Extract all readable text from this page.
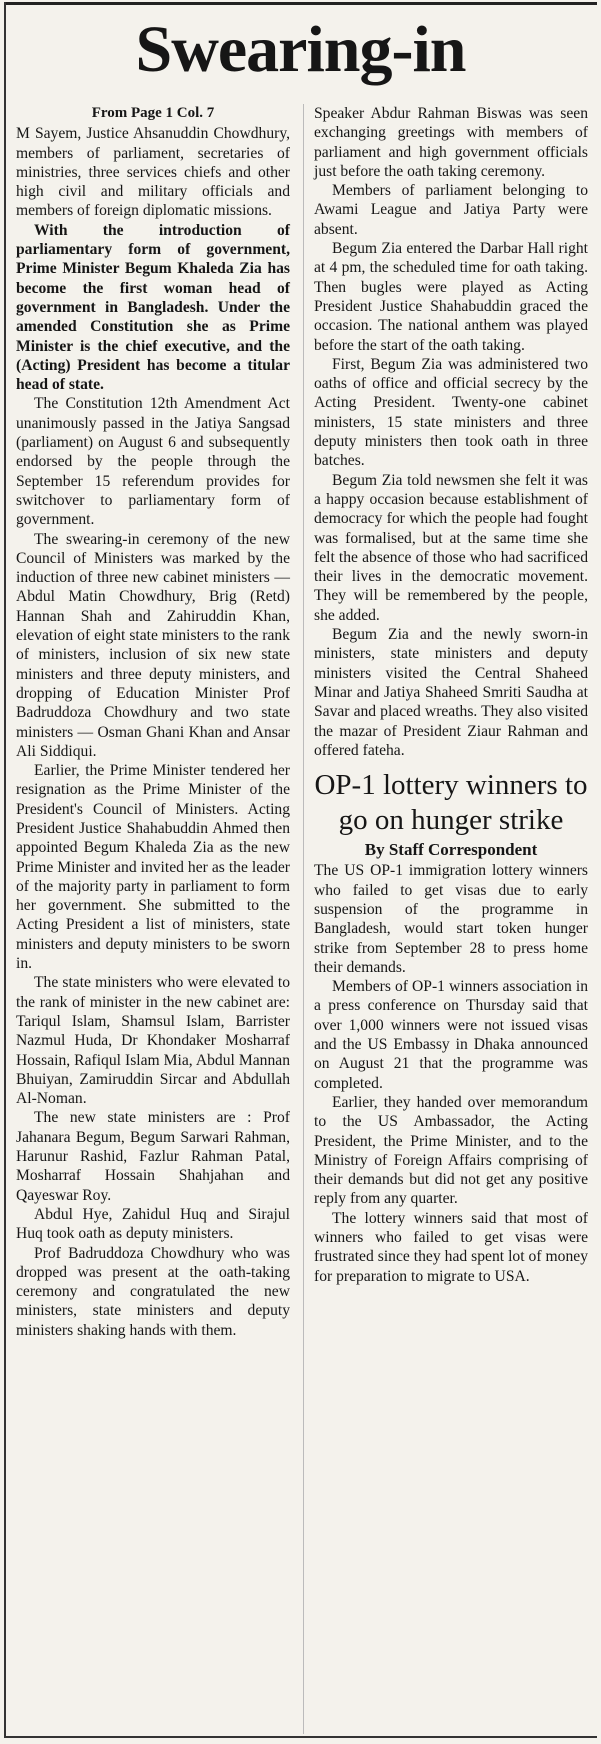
Swearing-in
From Page 1 Col. 7

M Sayem, Justice Ahsanuddin Chowdhury, members of parliament, secretaries of ministries, three services chiefs and other high civil and military officials and members of foreign diplomatic missions.

With the introduction of parliamentary form of government, Prime Minister Begum Khaleda Zia has become the first woman head of government in Bangladesh. Under the amended Constitution she as Prime Minister is the chief executive, and the (Acting) President has become a titular head of state.

The Constitution 12th Amendment Act unanimously passed in the Jatiya Sangsad (parliament) on August 6 and subsequently endorsed by the people through the September 15 referendum provides for switchover to parliamentary form of government.

The swearing-in ceremony of the new Council of Ministers was marked by the induction of three new cabinet ministers — Abdul Matin Chowdhury, Brig (Retd) Hannan Shah and Zahiruddin Khan, elevation of eight state ministers to the rank of ministers, inclusion of six new state ministers and three deputy ministers, and dropping of Education Minister Prof Badruddoza Chowdhury and two state ministers — Osman Ghani Khan and Ansar Ali Siddiqui.

Earlier, the Prime Minister tendered her resignation as the Prime Minister of the President's Council of Ministers. Acting President Justice Shahabuddin Ahmed then appointed Begum Khaleda Zia as the new Prime Minister and invited her as the leader of the majority party in parliament to form her government. She submitted to the Acting President a list of ministers, state ministers and deputy ministers to be sworn in.

The state ministers who were elevated to the rank of minister in the new cabinet are: Tariqul Islam, Shamsul Islam, Barrister Nazmul Huda, Dr Khondaker Mosharraf Hossain, Rafiqul Islam Mia, Abdul Mannan Bhuiyan, Zamiruddin Sircar and Abdullah Al-Noman.

The new state ministers are : Prof Jahanara Begum, Begum Sarwari Rahman, Harunur Rashid, Fazlur Rahman Patal, Mosharraf Hossain Shahjahan and Qayeswar Roy.

Abdul Hye, Zahidul Huq and Sirajul Huq took oath as deputy ministers.

Prof Badruddoza Chowdhury who was dropped was present at the oath-taking ceremony and congratulated the new ministers, state ministers and deputy ministers shaking hands with them.

Speaker Abdur Rahman Biswas was seen exchanging greetings with members of parliament and high government officials just before the oath taking ceremony.

Members of parliament belonging to Awami League and Jatiya Party were absent.

Begum Zia entered the Darbar Hall right at 4 pm, the scheduled time for oath taking. Then bugles were played as Acting President Justice Shahabuddin graced the occasion. The national anthem was played before the start of the oath taking.

First, Begum Zia was administered two oaths of office and official secrecy by the Acting President. Twenty-one cabinet ministers, 15 state ministers and three deputy ministers then took oath in three batches.

Begum Zia told newsmen she felt it was a happy occasion because establishment of democracy for which the people had fought was formalised, but at the same time she felt the absence of those who had sacrificed their lives in the democratic movement. They will be remembered by the people, she added.

Begum Zia and the newly sworn-in ministers, state ministers and deputy ministers visited the Central Shaheed Minar and Jatiya Shaheed Smriti Saudha at Savar and placed wreaths. They also visited the mazar of President Ziaur Rahman and offered fateha.

OP-1 lottery winners to go on hunger strike
By Staff Correspondent

The US OP-1 immigration lottery winners who failed to get visas due to early suspension of the programme in Bangladesh, would start token hunger strike from September 28 to press home their demands.

Members of OP-1 winners association in a press conference on Thursday said that over 1,000 winners were not issued visas and the US Embassy in Dhaka announced on August 21 that the programme was completed.

Earlier, they handed over memorandum to the US Ambassador, the Acting President, the Prime Minister, and to the Ministry of Foreign Affairs comprising of their demands but did not get any positive reply from any quarter.

The lottery winners said that most of winners who failed to get visas were frustrated since they had spent lot of money for preparation to migrate to USA.
